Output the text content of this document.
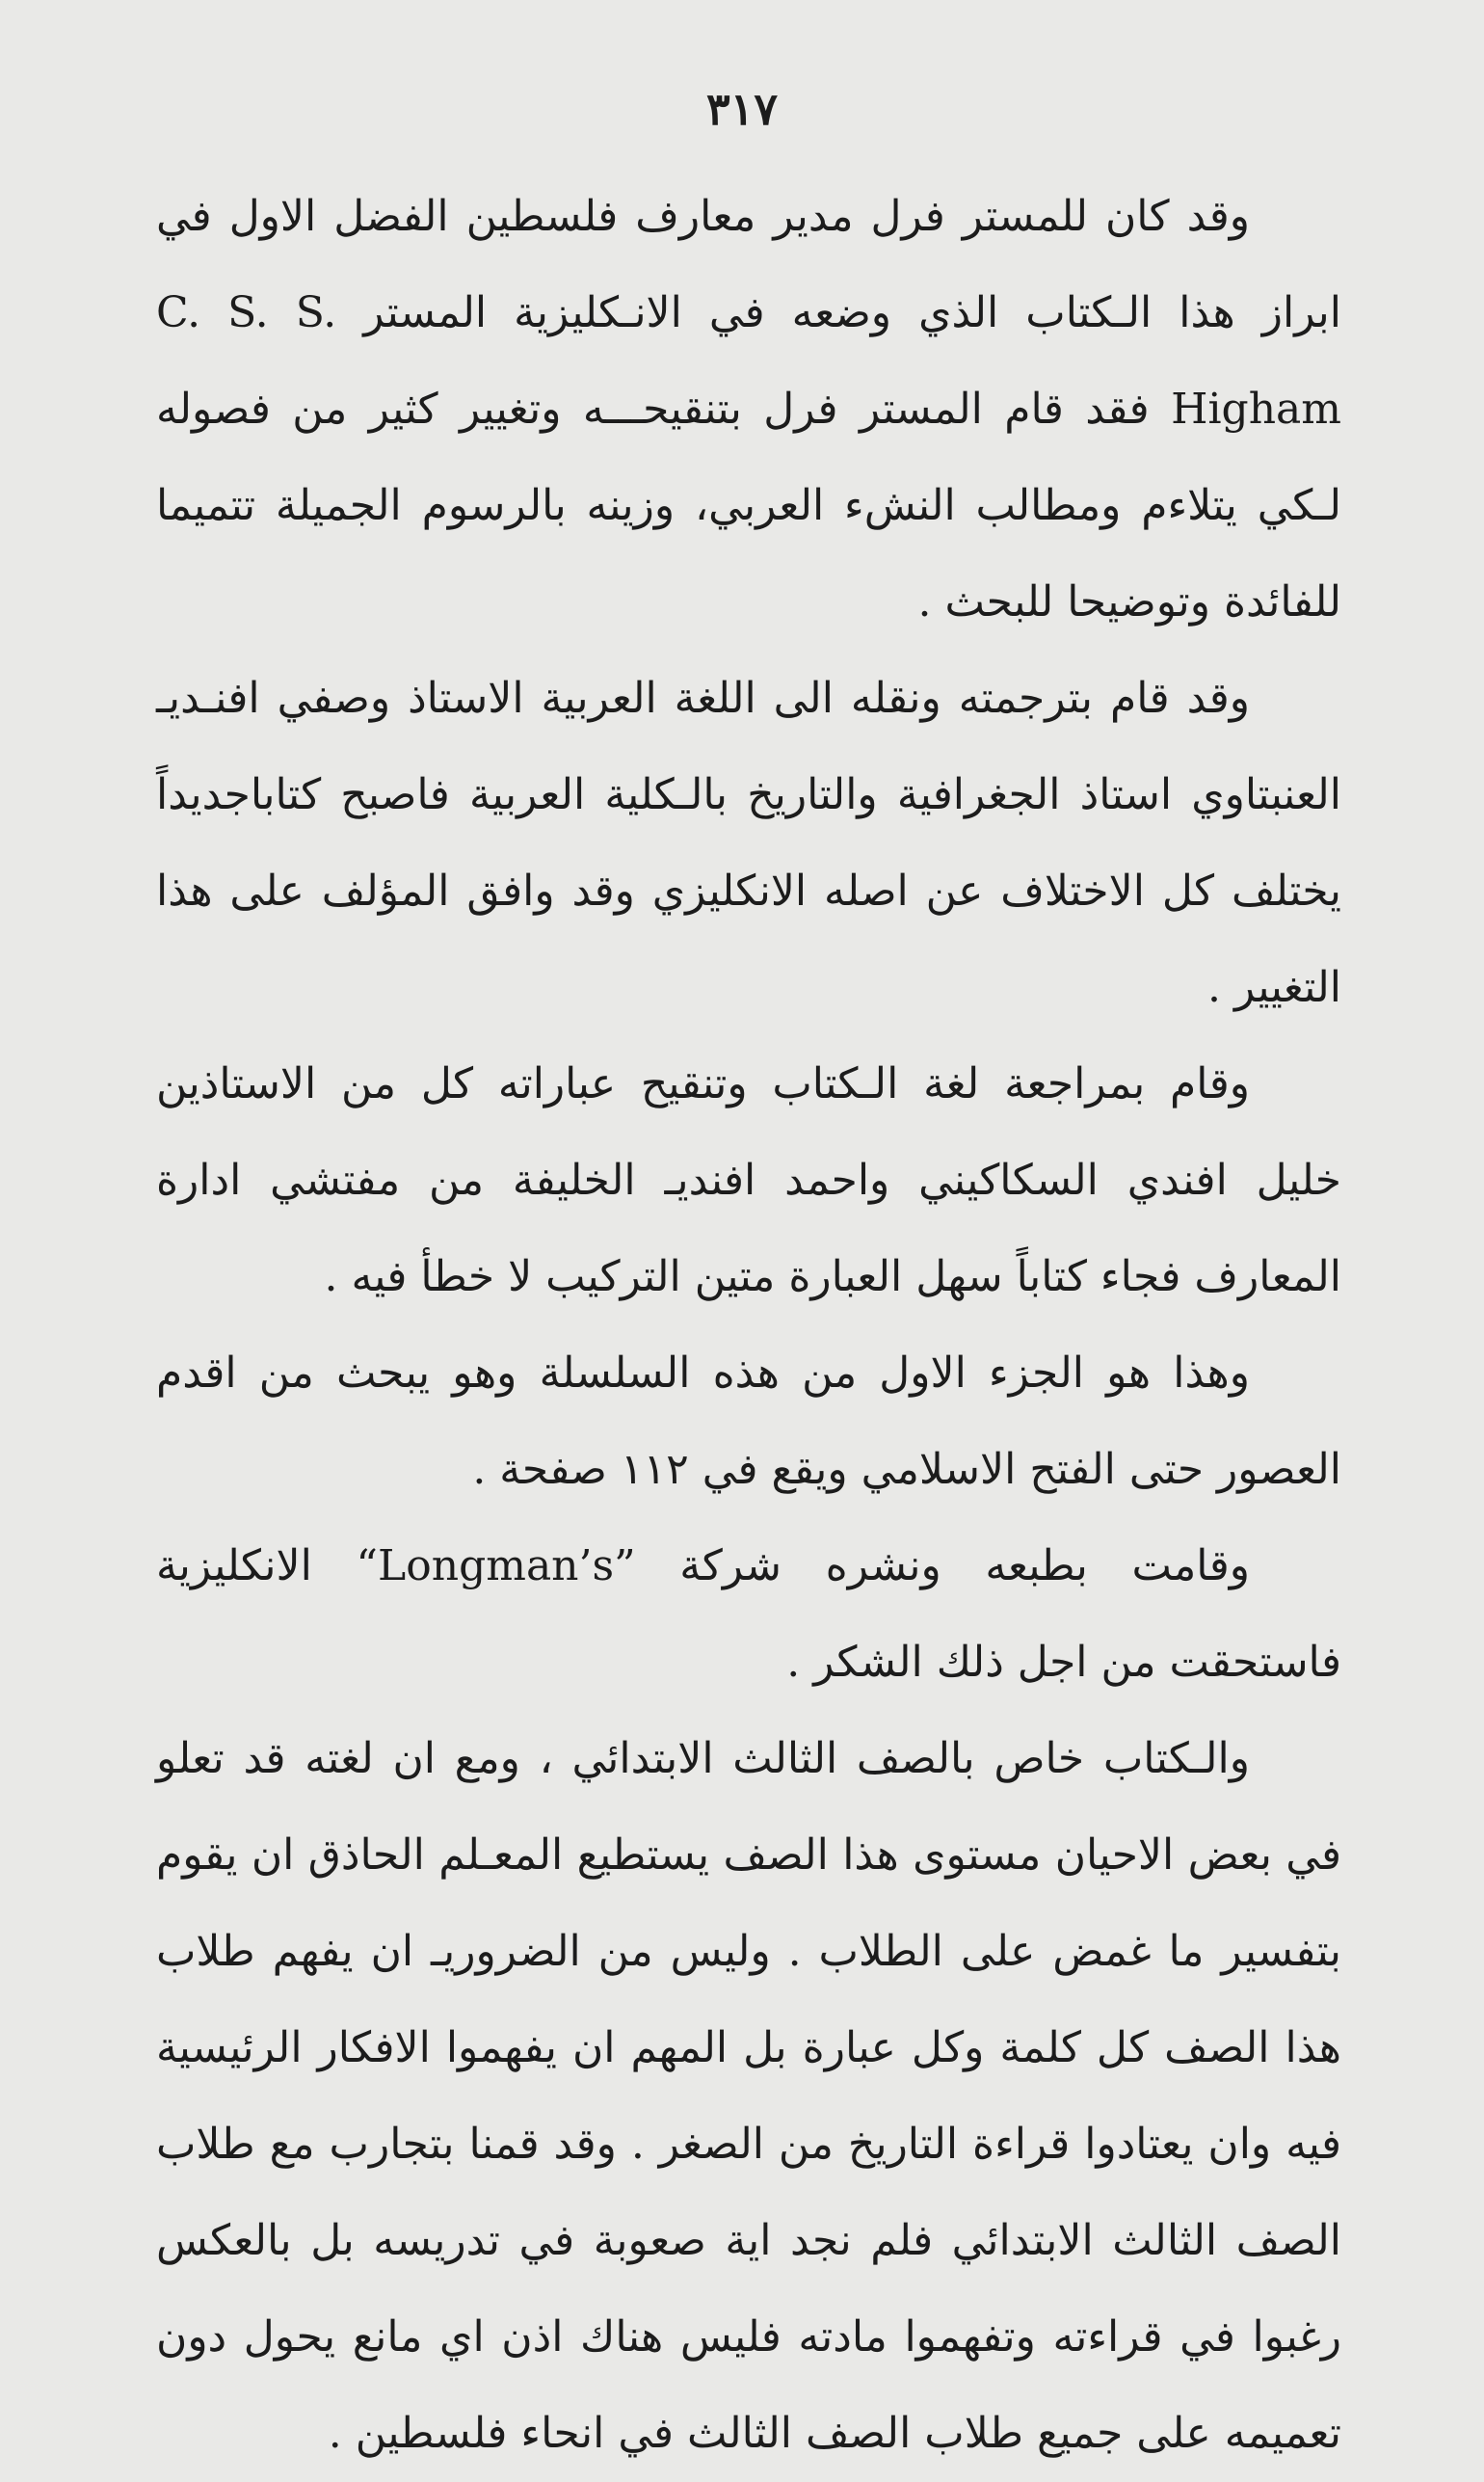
٣١٧

وقد كان للمستر فرل مدير معارف فلسطين الفضل الاول في ابراز هذا الـكتاب الذي وضعه في الانـكليزية المستر C. S. S. Higham فقد قام المستر فرل بتنقيحـــه وتغيير كثير من فصوله لـكي يتلاءم ومطالب النشء العربي، وزينه بالرسوم الجميلة تتميما للفائدة وتوضيحا للبحث .

وقد قام بترجمته ونقله الى اللغة العربية الاستاذ وصفي افنـديـ العنبتاوي استاذ الجغرافية والتاريخ بالـكلية العربية فاصبح كتاباجديداً يختلف كل الاختلاف عن اصله الانكليزي وقد وافق المؤلف على هذا التغيير .

وقام بمراجعة لغة الـكتاب وتنقيح عباراته كل من الاستاذين خليل افندي السكاكيني واحمد افنديـ الخليفة من مفتشي ادارة المعارف فجاء كتاباً سهل العبارة متين التركيب لا خطأ فيه .

وهذا هو الجزء الاول من هذه السلسلة وهو يبحث من اقدم العصور حتى الفتح الاسلامي ويقع في ١١٢ صفحة .

وقامت بطبعه ونشره شركة ”Longman’s“ الانكليزية فاستحقت من اجل ذلك الشكر .

والـكتاب خاص بالصف الثالث الابتدائي ، ومع ان لغته قد تعلو في بعض الاحيان مستوى هذا الصف يستطيع المعـلم الحاذق ان يقوم بتفسير ما غمض على الطلاب . وليس من الضروريـ ان يفهم طلاب هذا الصف كل كلمة وكل عبارة بل المهم ان يفهموا الافكار الرئيسية فيه وان يعتادوا قراءة التاريخ من الصغر . وقد قمنا بتجارب مع طلاب الصف الثالث الابتدائي فلم نجد اية صعوبة في تدريسه بل بالعكس رغبوا في قراءته وتفهموا مادته فليس هناك اذن اي مانع يحول دون تعميمه على جميع طلاب الصف الثالث في انحاء فلسطين .
